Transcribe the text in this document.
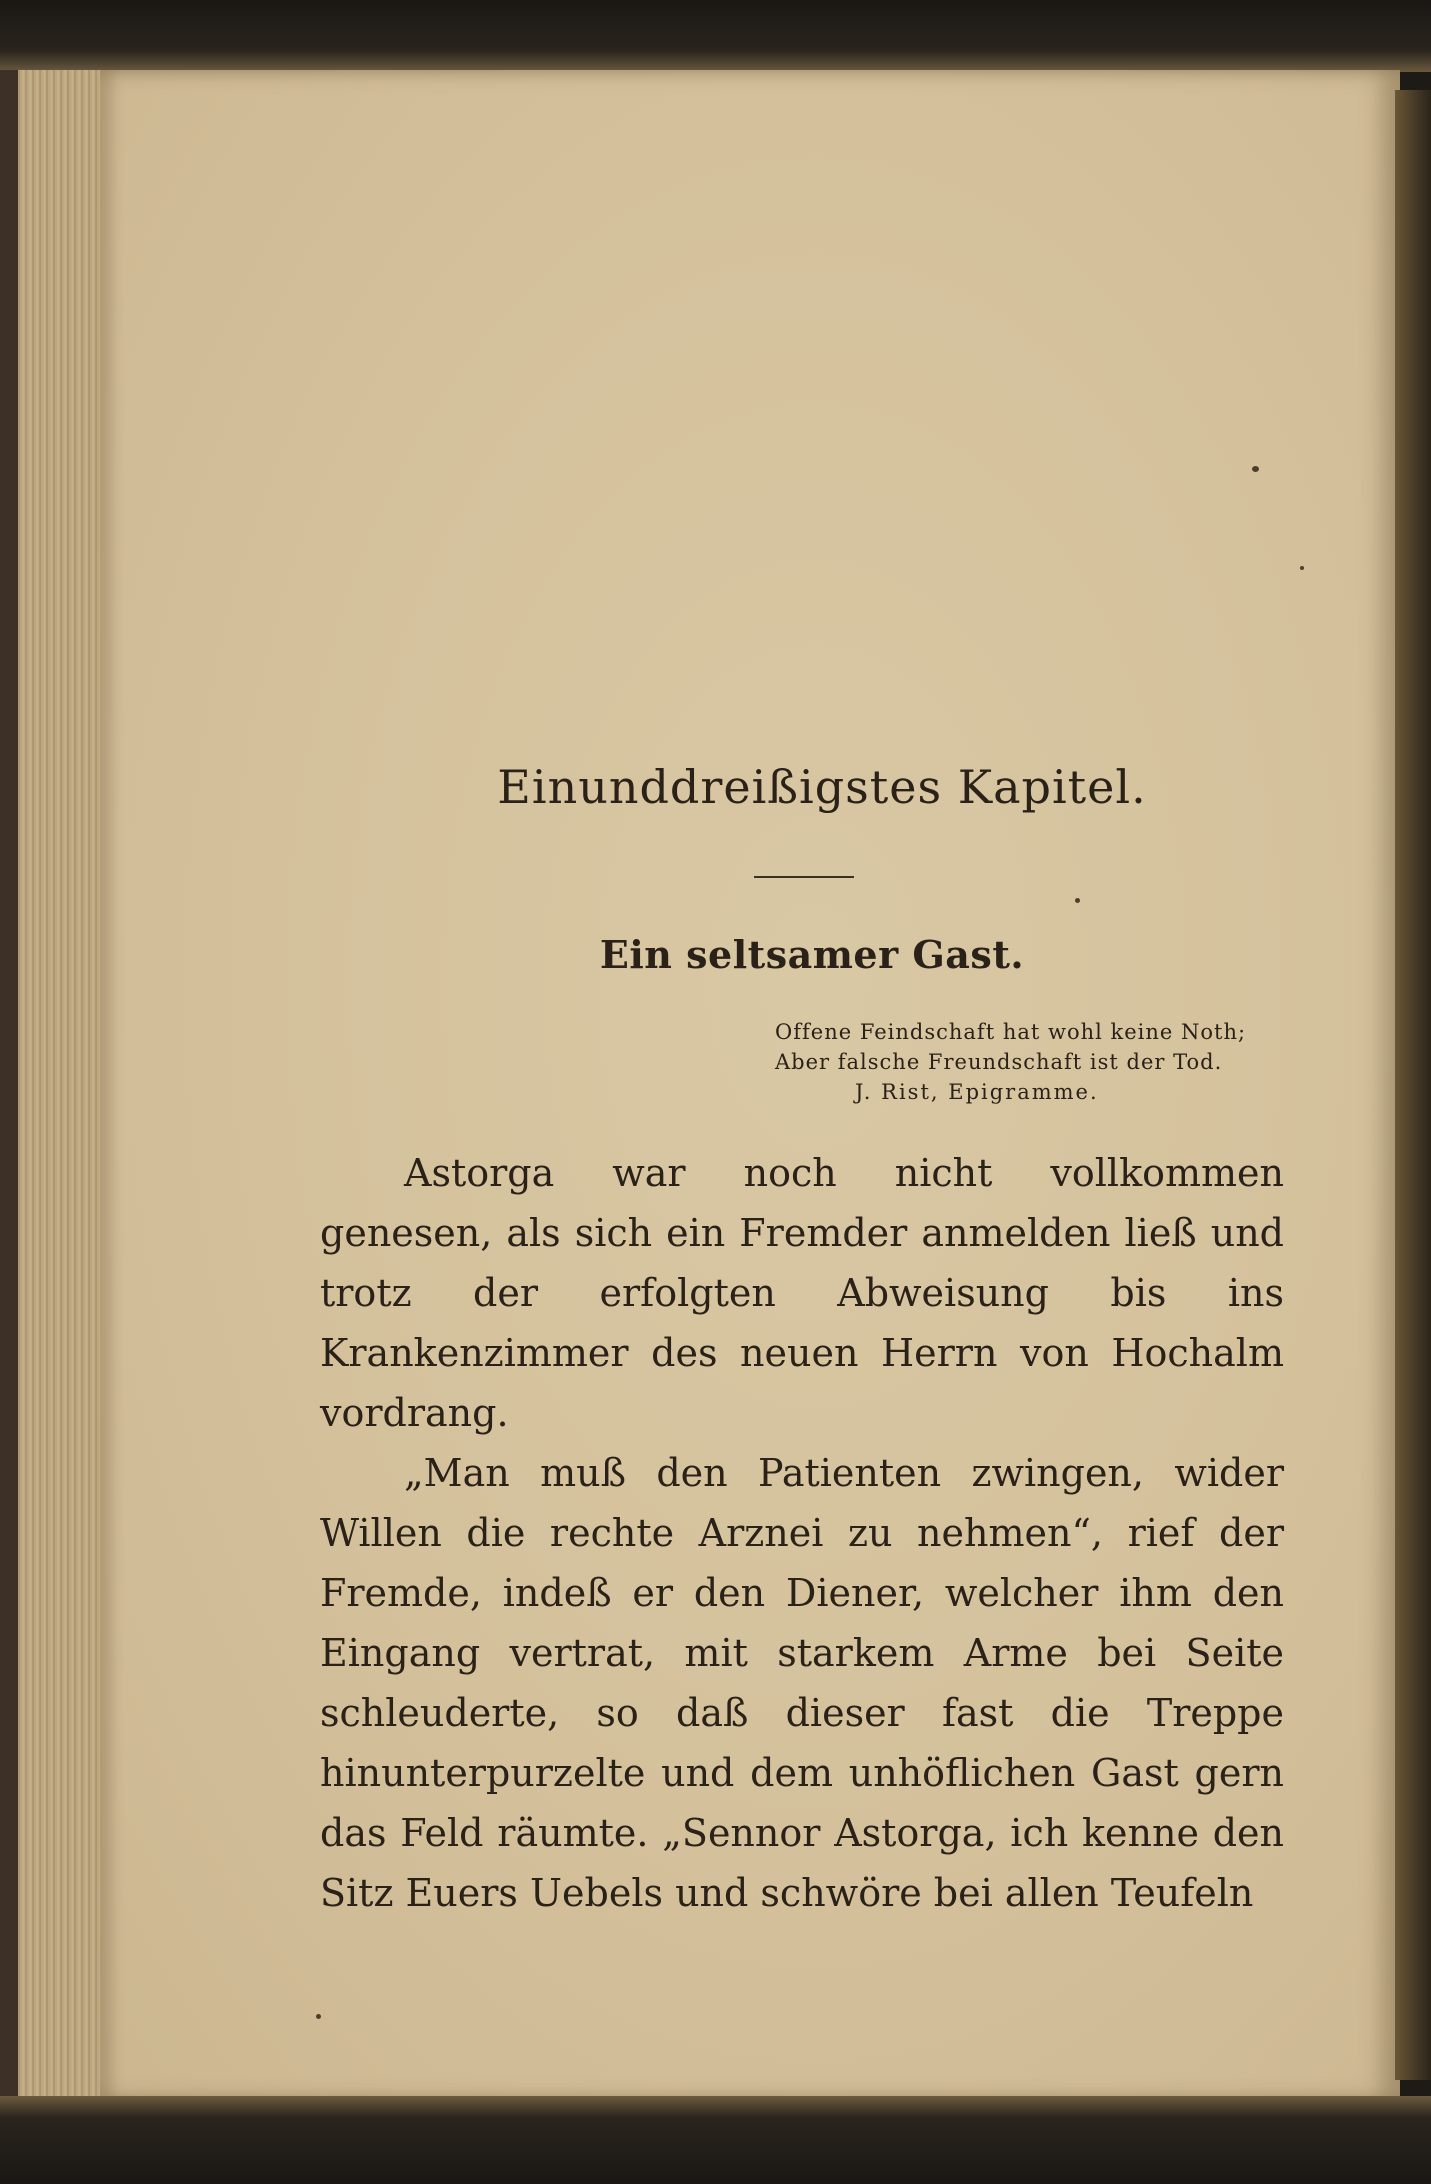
Einunddreißigstes Kapitel.
Ein seltsamer Gast.
Offene Feindschaft hat wohl keine Noth;
Aber falsche Freundschaft ist der Tod.
J. Rist, Epigramme.

Astorga war noch nicht vollkommen genesen, als sich ein Fremder anmelden ließ und trotz der erfolgten Abweisung bis ins Krankenzimmer des neuen Herrn von Hochalm vordrang.

„Man muß den Patienten zwingen, wider Willen die rechte Arznei zu nehmen“, rief der Fremde, indeß er den Diener, welcher ihm den Eingang vertrat, mit starkem Arme bei Seite schleuderte, so daß dieser fast die Treppe hinunterpurzelte und dem unhöflichen Gast gern das Feld räumte. „Sennor Astorga, ich kenne den Sitz Euers Uebels und schwöre bei allen Teufeln
